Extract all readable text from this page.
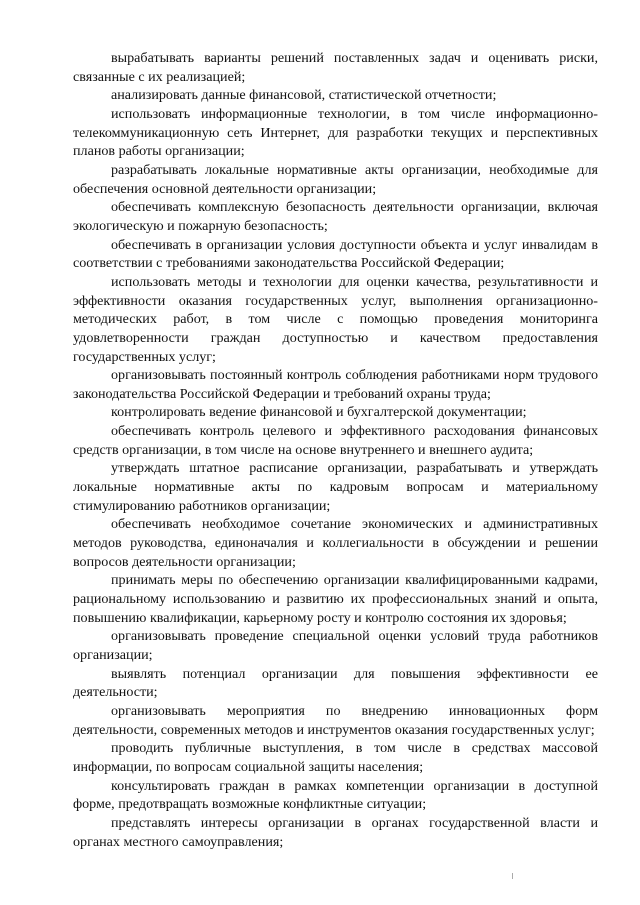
вырабатывать варианты решений поставленных задач и оценивать риски, связанные с их реализацией;

анализировать данные финансовой, статистической отчетности;

использовать информационные технологии, в том числе информационно-телекоммуникационную сеть Интернет, для разработки текущих и перспективных планов работы организации;

разрабатывать локальные нормативные акты организации, необходимые для обеспечения основной деятельности организации;

обеспечивать комплексную безопасность деятельности организации, включая экологическую и пожарную безопасность;

обеспечивать в организации условия доступности объекта и услуг инвалидам в соответствии с требованиями законодательства Российской Федерации;

использовать методы и технологии для оценки качества, результативности и эффективности оказания государственных услуг, выполнения организационно-методических работ, в том числе с помощью проведения мониторинга удовлетворенности граждан доступностью и качеством предоставления государственных услуг;

организовывать постоянный контроль соблюдения работниками норм трудового законодательства Российской Федерации и требований охраны труда;

контролировать ведение финансовой и бухгалтерской документации;

обеспечивать контроль целевого и эффективного расходования финансовых средств организации, в том числе на основе внутреннего и внешнего аудита;

утверждать штатное расписание организации, разрабатывать и утверждать локальные нормативные акты по кадровым вопросам и материальному стимулированию работников организации;

обеспечивать необходимое сочетание экономических и административных методов руководства, единоначалия и коллегиальности в обсуждении и решении вопросов деятельности организации;

принимать меры по обеспечению организации квалифицированными кадрами, рациональному использованию и развитию их профессиональных знаний и опыта, повышению квалификации, карьерному росту и контролю состояния их здоровья;

организовывать проведение специальной оценки условий труда работников организации;

выявлять потенциал организации для повышения эффективности ее деятельности;

организовывать мероприятия по внедрению инновационных форм деятельности, современных методов и инструментов оказания государственных услуг;

проводить публичные выступления, в том числе в средствах массовой информации, по вопросам социальной защиты населения;

консультировать граждан в рамках компетенции организации в доступной форме, предотвращать возможные конфликтные ситуации;

представлять интересы организации в органах государственной власти и органах местного самоуправления;
